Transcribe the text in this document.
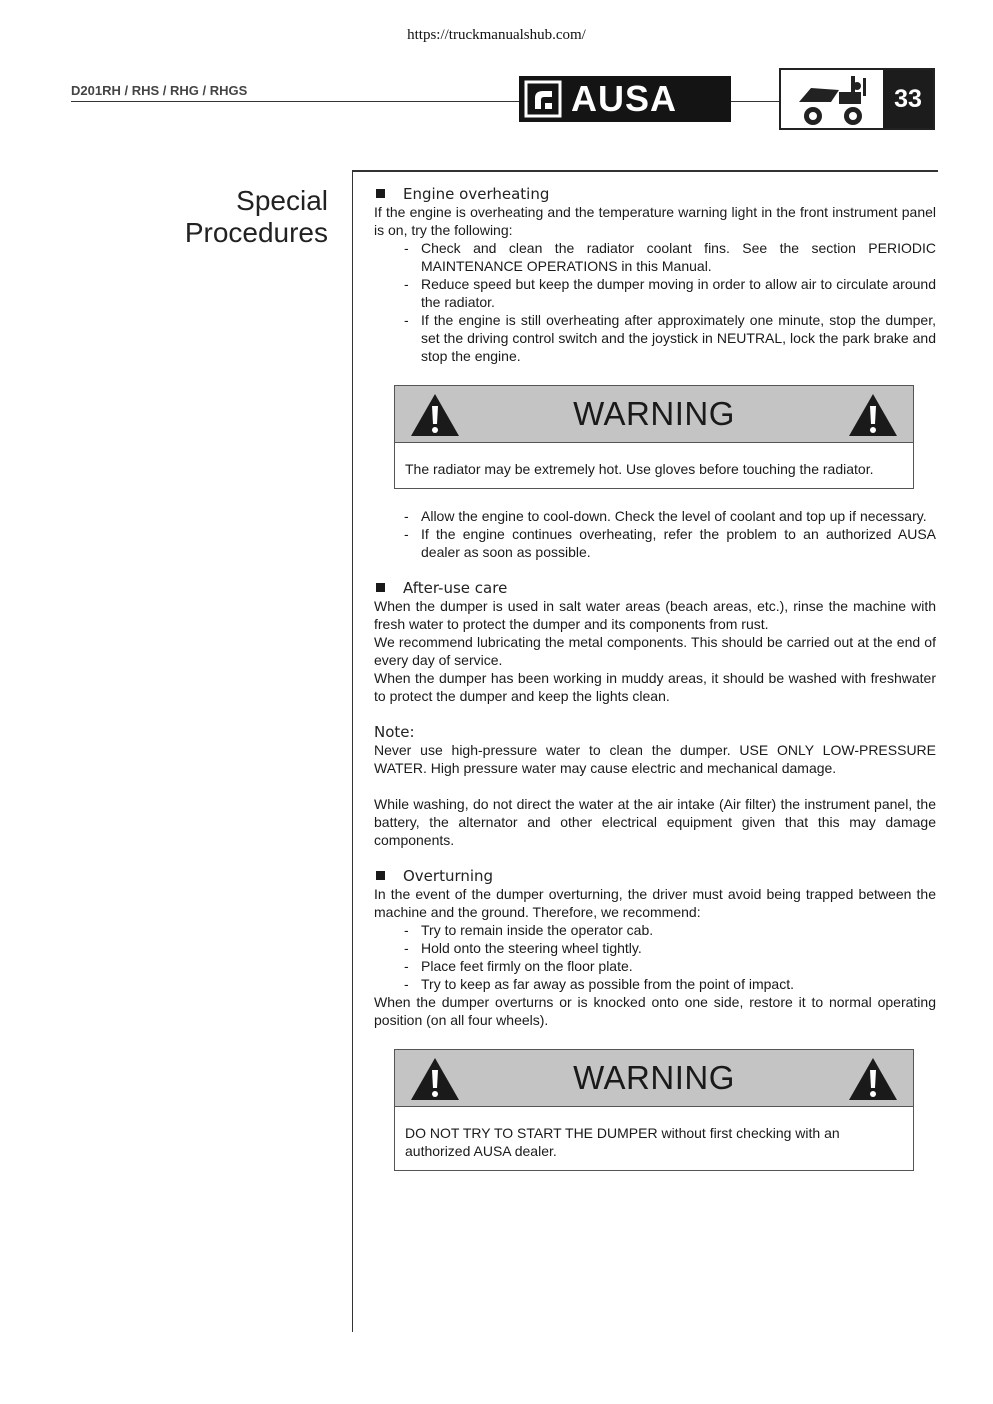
https://truckmanualshub.com/
D201RH / RHS / RHG / RHGS	AUSA	33
Special
Procedures
Engine overheating

If the engine is overheating and the temperature warning light in the front instrument panel is on, try the following:

- Check and clean the radiator coolant fins. See the section PERIODIC MAINTENANCE OPERATIONS in this Manual.
- Reduce speed but keep the dumper moving in order to allow air to circulate around the radiator.
- If the engine is still overheating after approximately one minute, stop the dumper, set the driving control switch and the joystick in NEUTRAL, lock the park brake and stop the engine.
WARNING
The radiator may be extremely hot. Use gloves before touching the radiator.
- Allow the engine to cool-down. Check the level of coolant and top up if necessary.
- If the engine continues overheating, refer the problem to an authorized AUSA dealer as soon as possible.
After-use care

When the dumper is used in salt water areas (beach areas, etc.), rinse the machine with fresh water to protect the dumper and its components from rust.

We recommend lubricating the metal components. This should be carried out at the end of every day of service.

When the dumper has been working in muddy areas, it should be washed with freshwater to protect the dumper and keep the lights clean.

Note:

Never use high-pressure water to clean the dumper. USE ONLY LOW-PRESSURE WATER. High pressure water may cause electric and mechanical damage.

While washing, do not direct the water at the air intake (Air filter) the instrument panel, the battery, the alternator and other electrical equipment given that this may damage components.

Overturning

In the event of the dumper overturning, the driver must avoid being trapped between the machine and the ground. Therefore, we recommend:

- Try to remain inside the operator cab.
- Hold onto the steering wheel tightly.
- Place feet firmly on the floor plate.
- Try to keep as far away as possible from the point of impact.

When the dumper overturns or is knocked onto one side, restore it to normal operating position (on all four wheels).

WARNING
DO NOT TRY TO START THE DUMPER without first checking with an authorized AUSA dealer.
